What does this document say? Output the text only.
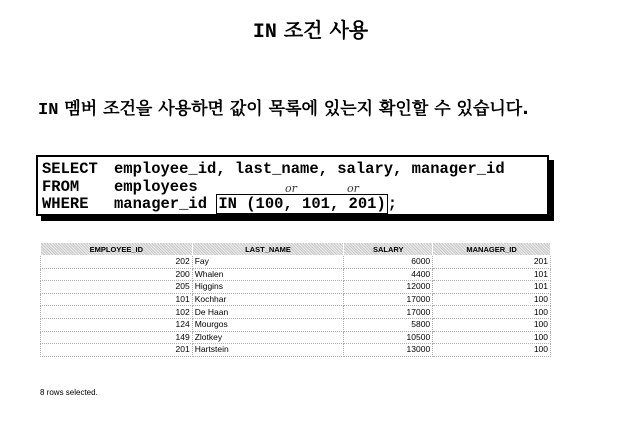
IN 조건 사용
IN 멤버 조건을 사용하면 값이 목록에 있는지 확인할 수 있습니다.
SELECT employee_id, last_name, salary, manager_id
FROM employees	or	or
WHERE manager_id IN (100, 101, 201) ;
EMPLOYEE_ID	LAST_NAME	SALARY	MANAGER_ID
202	Fay	6000	201
200	Whalen	4400	101
205	Higgins	12000	101
101	Kochhar	17000	100
102	De Haan	17000	100
124	Mourgos	5800	100
149	Zlotkey	10500	100
201	Hartstein	13000	100
8 rows selected.
